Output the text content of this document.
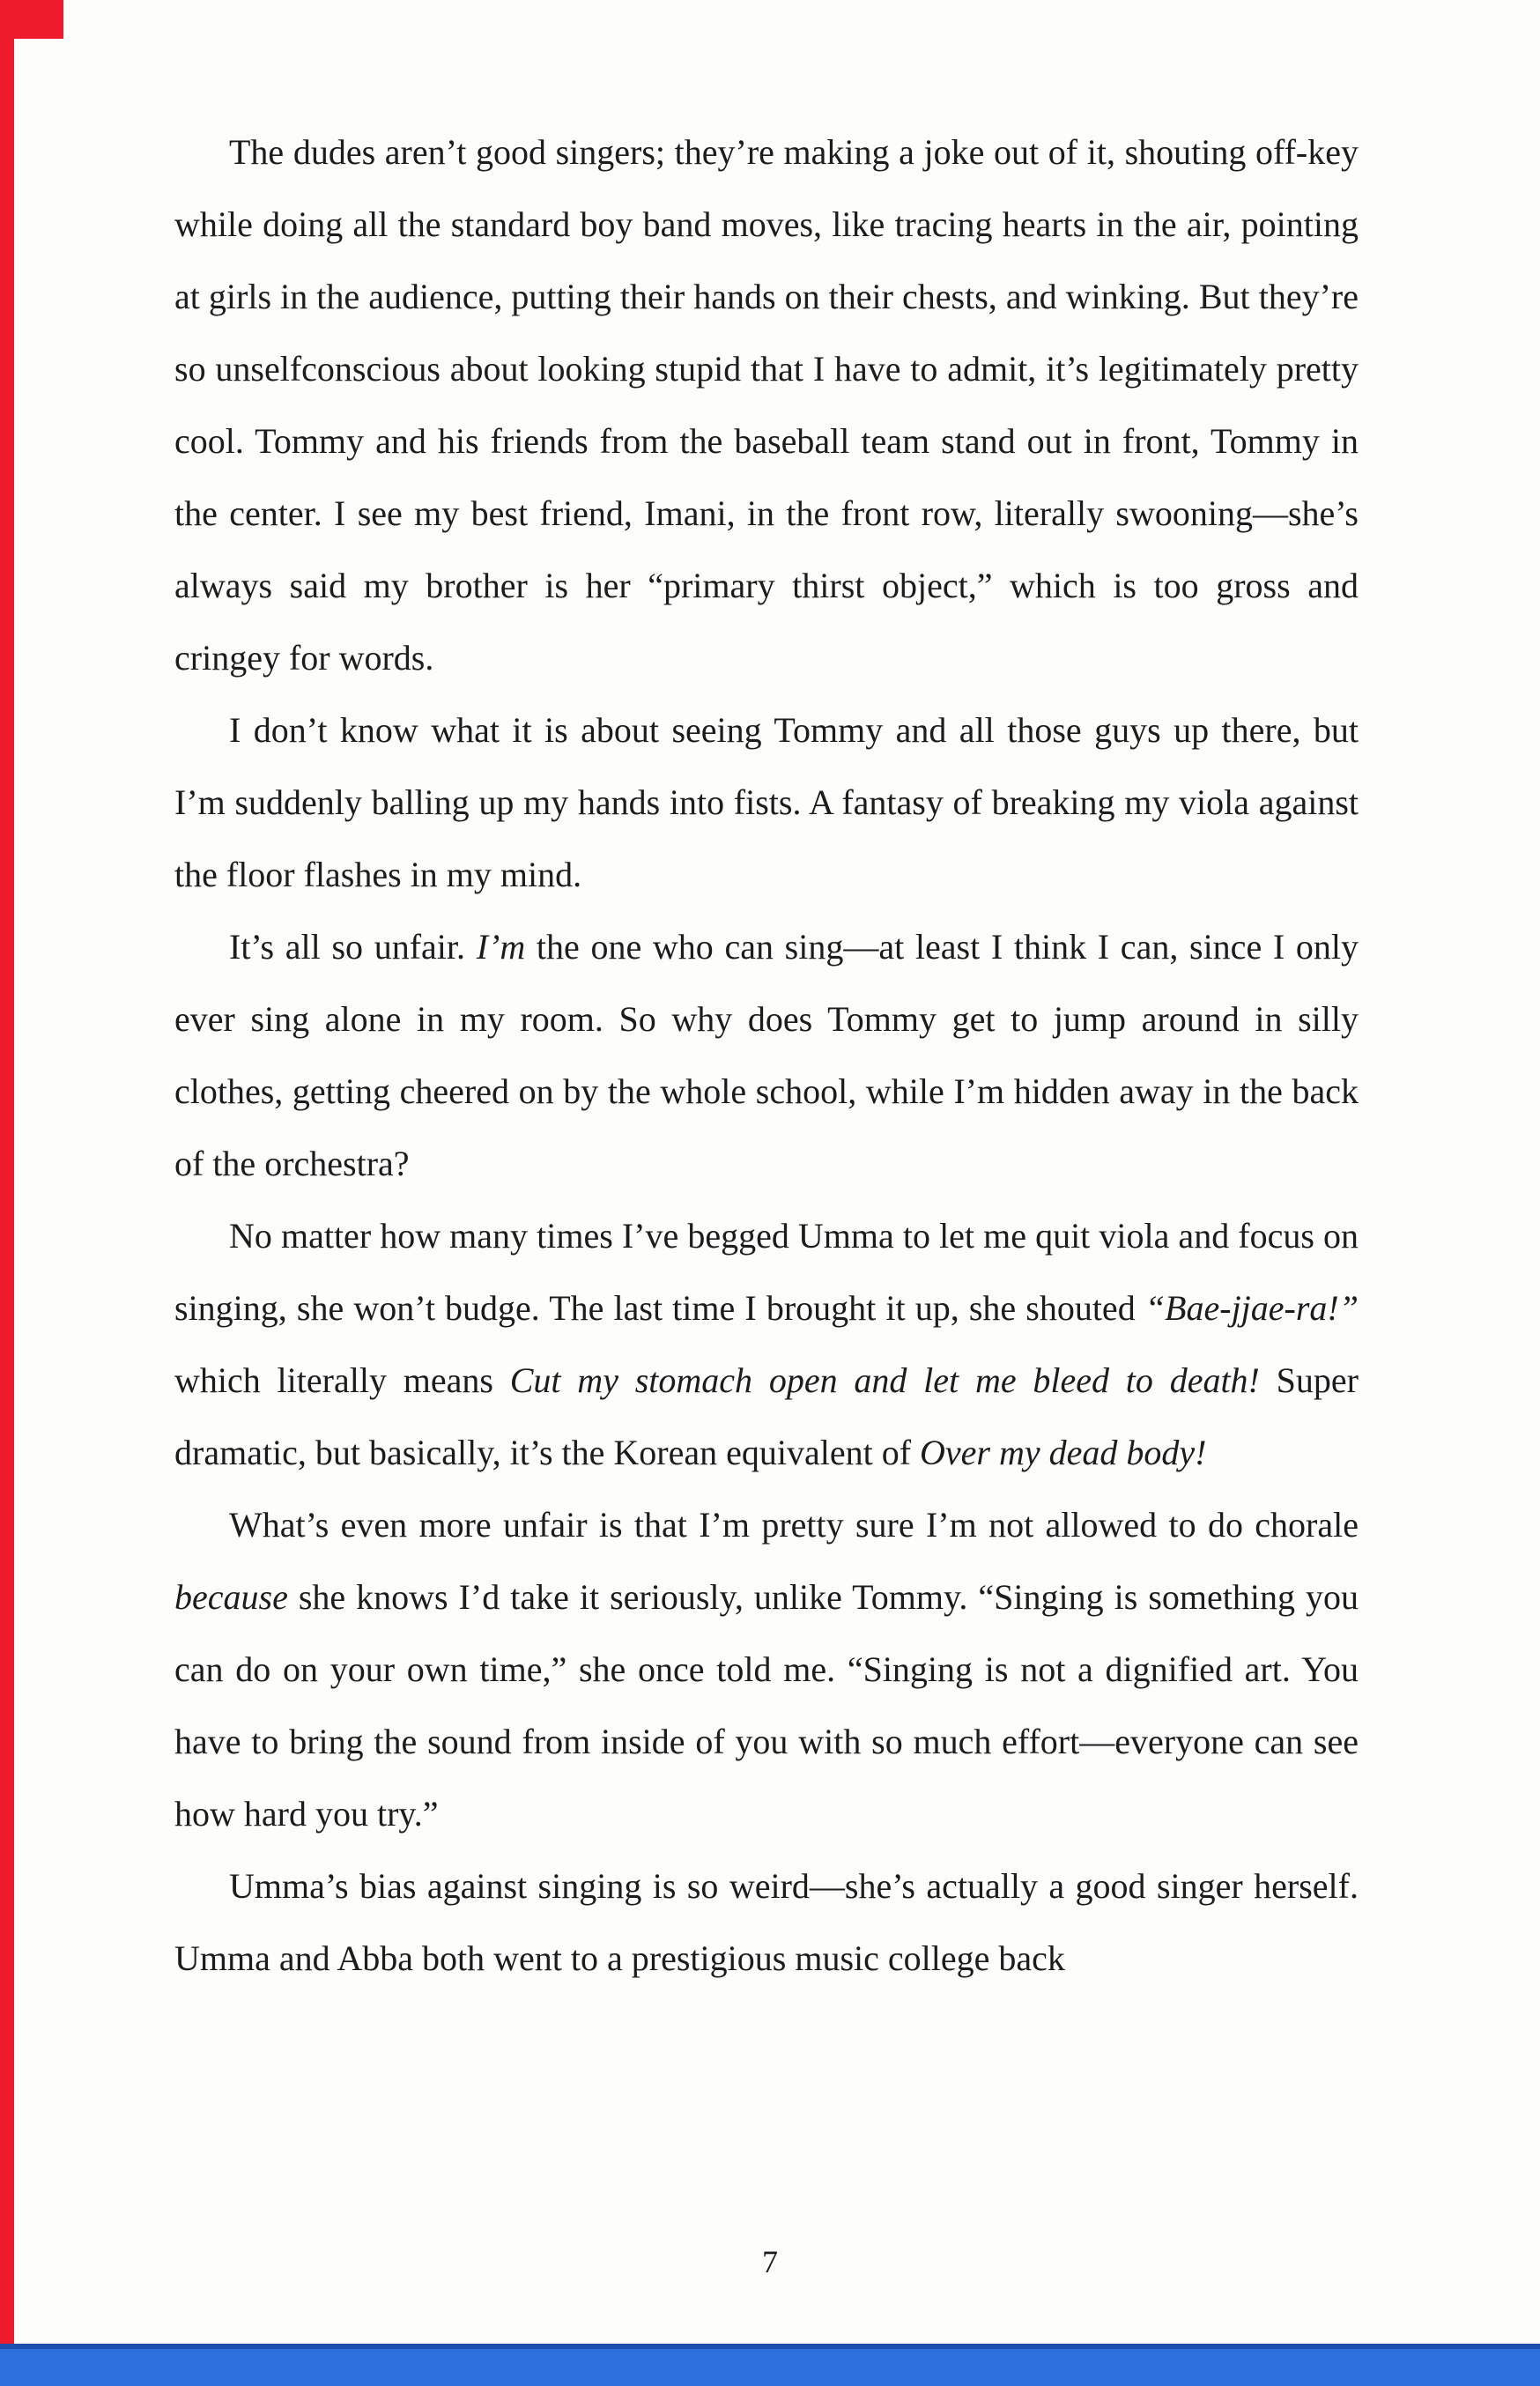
The dudes aren’t good singers; they’re making a joke out of it, shouting off-key while doing all the standard boy band moves, like tracing hearts in the air, pointing at girls in the audience, putting their hands on their chests, and winking. But they’re so unselfconscious about looking stupid that I have to admit, it’s legitimately pretty cool. Tommy and his friends from the baseball team stand out in front, Tommy in the center. I see my best friend, Imani, in the front row, literally swooning—she’s always said my brother is her “primary thirst object,” which is too gross and cringey for words.

I don’t know what it is about seeing Tommy and all those guys up there, but I’m suddenly balling up my hands into fists. A fantasy of breaking my viola against the floor flashes in my mind.

It’s all so unfair. I’m the one who can sing—at least I think I can, since I only ever sing alone in my room. So why does Tommy get to jump around in silly clothes, getting cheered on by the whole school, while I’m hidden away in the back of the orchestra?

No matter how many times I’ve begged Umma to let me quit viola and focus on singing, she won’t budge. The last time I brought it up, she shouted “Bae-jjae-ra!” which literally means Cut my stomach open and let me bleed to death! Super dramatic, but basically, it’s the Korean equivalent of Over my dead body!

What’s even more unfair is that I’m pretty sure I’m not allowed to do chorale because she knows I’d take it seriously, unlike Tommy. “Singing is something you can do on your own time,” she once told me. “Singing is not a dignified art. You have to bring the sound from inside of you with so much effort—everyone can see how hard you try.”

Umma’s bias against singing is so weird—she’s actually a good singer herself. Umma and Abba both went to a prestigious music college back

7
